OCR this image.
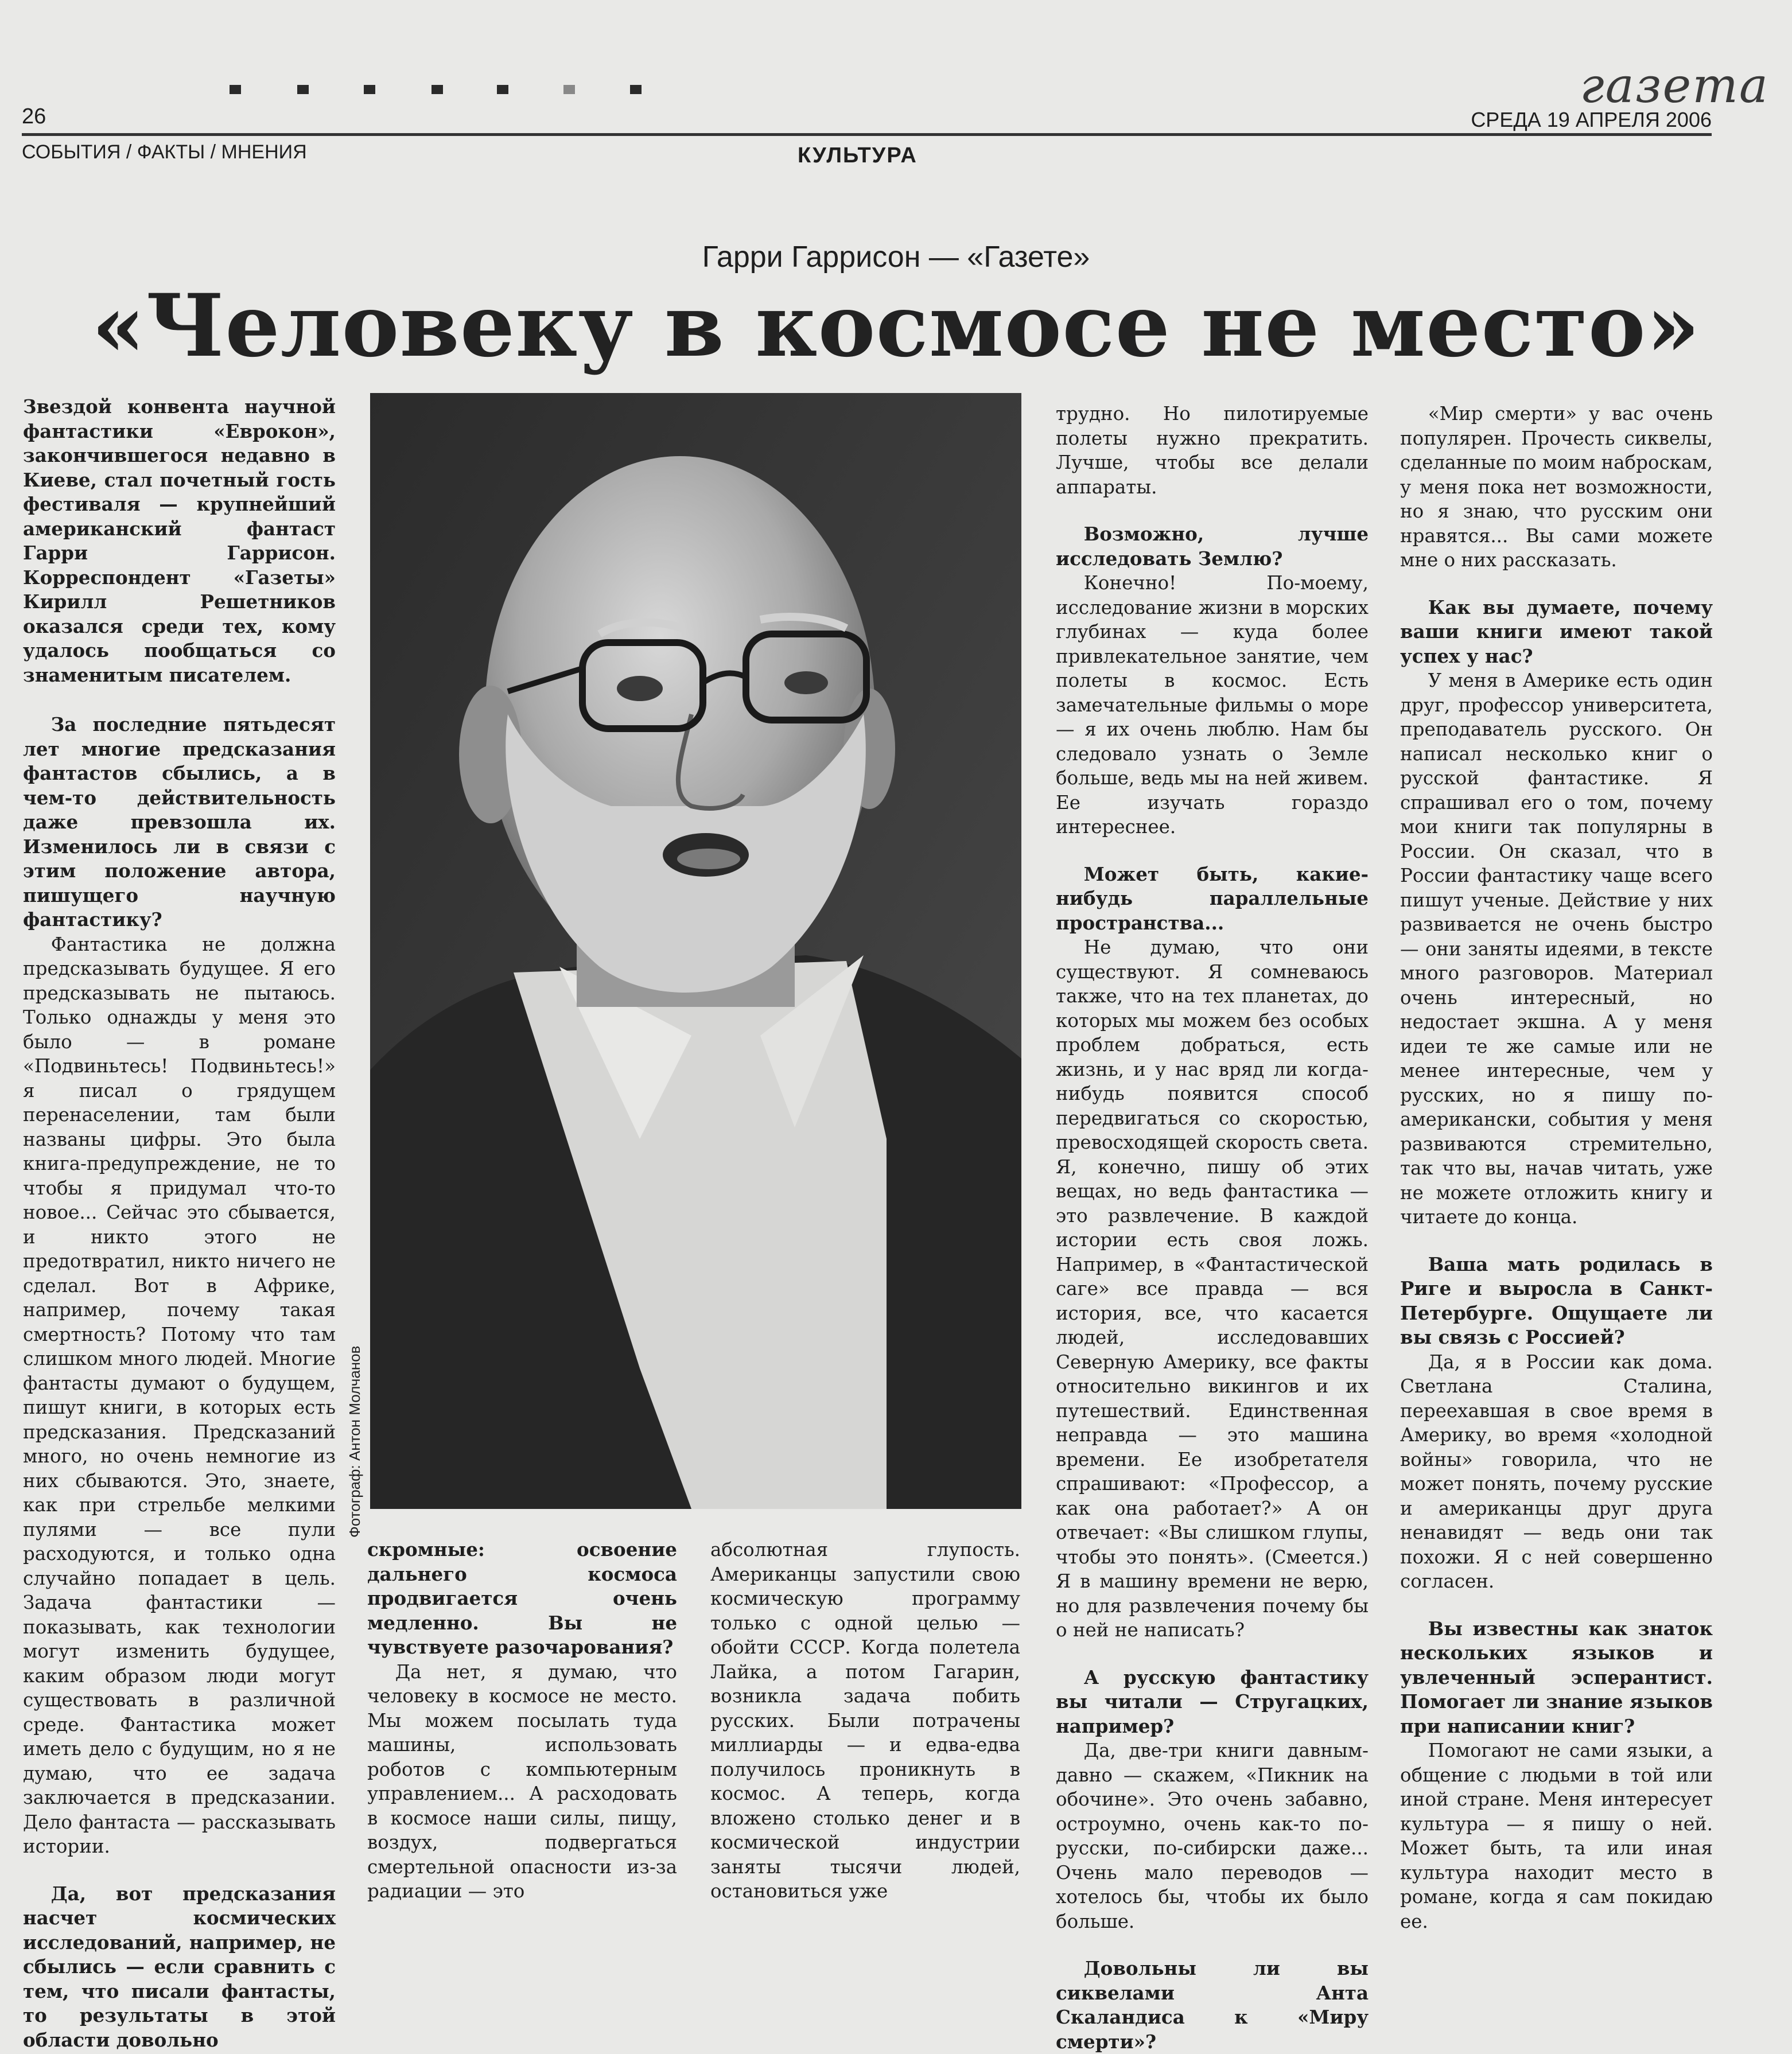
газета
26	СРЕДА 19 АПРЕЛЯ 2006
СОБЫТИЯ / ФАКТЫ / МНЕНИЯ	КУЛЬТУРА
Гарри Гаррисон — «Газете»
«Человеку в космосе не место»

Звездой конвента научной фантастики «Еврокон», закончившегося недавно в Киеве, стал почетный гость фестиваля — крупнейший американский фантаст Гарри Гаррисон. Корреспондент «Газеты» Кирилл Решетников оказался среди тех, кому удалось пообщаться со знаменитым писателем.

За последние пятьдесят лет многие предсказания фантастов сбылись, а в чем-то действительность даже превзошла их. Изменилось ли в связи с этим положение автора, пишущего научную фантастику?

Фантастика не должна предсказывать будущее. Я его предсказывать не пытаюсь. Только однажды у меня это было — в романе «Подвиньтесь! Подвиньтесь!» я писал о грядущем перенаселении, там были названы цифры. Это была книга-предупреждение, не то чтобы я придумал что-то новое... Сейчас это сбывается, и никто этого не предотвратил, никто ничего не сделал. Вот в Африке, например, почему такая смертность? Потому что там слишком много людей. Многие фантасты думают о будущем, пишут книги, в которых есть предсказания. Предсказаний много, но очень немногие из них сбываются. Это, знаете, как при стрельбе мелкими пулями — все пули расходуются, и только одна случайно попадает в цель. Задача фантастики — показывать, как технологии могут изменить будущее, каким образом люди могут существовать в различной среде. Фантастика может иметь дело с будущим, но я не думаю, что ее задача заключается в предсказании. Дело фантаста — рассказывать истории.

Да, вот предсказания насчет космических исследований, например, не сбылись — если сравнить с тем, что писали фантасты, то результаты в этой области довольно

Фотограф: Антон Молчанов

скромные: освоение дальнего космоса продвигается очень медленно. Вы не чувствуете разочарования?

Да нет, я думаю, что человеку в космосе не место. Мы можем посылать туда машины, использовать роботов с компьютерным управлением... А расходовать в космосе наши силы, пищу, воздух, подвергаться смертельной опасности из-за радиации — это

абсолютная глупость. Американцы запустили свою космическую программу только с одной целью — обойти СССР. Когда полетела Лайка, а потом Гагарин, возникла задача побить русских. Были потрачены миллиарды — и едва-едва получилось проникнуть в космос. А теперь, когда вложено столько денег и в космической индустрии заняты тысячи людей, остановиться уже

трудно. Но пилотируемые полеты нужно прекратить. Лучше, чтобы все делали аппараты.

Возможно, лучше исследовать Землю?

Конечно! По-моему, исследование жизни в морских глубинах — куда более привлекательное занятие, чем полеты в космос. Есть замечательные фильмы о море — я их очень люблю. Нам бы следовало узнать о Земле больше, ведь мы на ней живем. Ее изучать гораздо интереснее.

Может быть, какие-нибудь параллельные пространства...

Не думаю, что они существуют. Я сомневаюсь также, что на тех планетах, до которых мы можем без особых проблем добраться, есть жизнь, и у нас вряд ли когда-нибудь появится способ передвигаться со скоростью, превосходящей скорость света. Я, конечно, пишу об этих вещах, но ведь фантастика — это развлечение. В каждой истории есть своя ложь. Например, в «Фантастической саге» все правда — вся история, все, что касается людей, исследовавших Северную Америку, все факты относительно викингов и их путешествий. Единственная неправда — это машина времени. Ее изобретателя спрашивают: «Профессор, а как она работает?» А он отвечает: «Вы слишком глупы, чтобы это понять». (Смеется.) Я в машину времени не верю, но для развлечения почему бы о ней не написать?

А русскую фантастику вы читали — Стругацких, например?

Да, две-три книги давным-давно — скажем, «Пикник на обочине». Это очень забавно, остроумно, очень как-то по-русски, по-сибирски даже... Очень мало переводов — хотелось бы, чтобы их было больше.

Довольны ли вы сиквелами Анта Скаландиса к «Миру смерти»?

«Мир смерти» у вас очень популярен. Прочесть сиквелы, сделанные по моим наброскам, у меня пока нет возможности, но я знаю, что русским они нравятся... Вы сами можете мне о них рассказать.

Как вы думаете, почему ваши книги имеют такой успех у нас?

У меня в Америке есть один друг, профессор университета, преподаватель русского. Он написал несколько книг о русской фантастике. Я спрашивал его о том, почему мои книги так популярны в России. Он сказал, что в России фантастику чаще всего пишут ученые. Действие у них развивается не очень быстро — они заняты идеями, в тексте много разговоров. Материал очень интересный, но недостает экшна. А у меня идеи те же самые или не менее интересные, чем у русских, но я пишу по-американски, события у меня развиваются стремительно, так что вы, начав читать, уже не можете отложить книгу и читаете до конца.

Ваша мать родилась в Риге и выросла в Санкт-Петербурге. Ощущаете ли вы связь с Россией?

Да, я в России как дома. Светлана Сталина, переехавшая в свое время в Америку, во время «холодной войны» говорила, что не может понять, почему русские и американцы друг друга ненавидят — ведь они так похожи. Я с ней совершенно согласен.

Вы известны как знаток нескольких языков и увлеченный эсперантист. Помогает ли знание языков при написании книг?

Помогают не сами языки, а общение с людьми в той или иной стране. Меня интересует культура — я пишу о ней. Может быть, та или иная культура находит место в романе, когда я сам покидаю ее.
